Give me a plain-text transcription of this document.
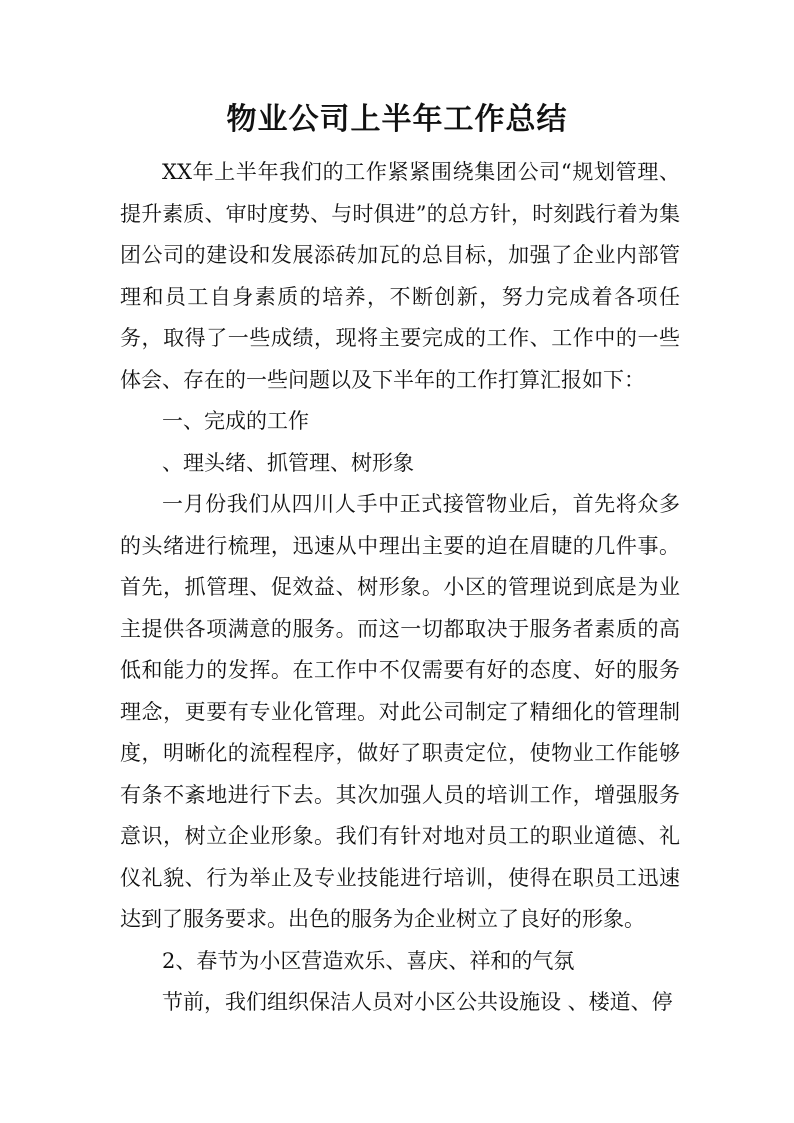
物业公司上半年工作总结

XX年上半年我们的工作紧紧围绕集团公司“规划管理、提升素质、审时度势、与时俱进”的总方针，时刻践行着为集团公司的建设和发展添砖加瓦的总目标，加强了企业内部管理和员工自身素质的培养，不断创新，努力完成着各项任务，取得了一些成绩，现将主要完成的工作、工作中的一些体会、存在的一些问题以及下半年的工作打算汇报如下：

一、完成的工作

、理头绪、抓管理、树形象

一月份我们从四川人手中正式接管物业后，首先将众多的头绪进行梳理，迅速从中理出主要的迫在眉睫的几件事。首先，抓管理、促效益、树形象。小区的管理说到底是为业主提供各项满意的服务。而这一切都取决于服务者素质的高低和能力的发挥。在工作中不仅需要有好的态度、好的服务理念，更要有专业化管理。对此公司制定了精细化的管理制度，明晰化的流程程序，做好了职责定位，使物业工作能够有条不紊地进行下去。其次加强人员的培训工作，增强服务意识，树立企业形象。我们有针对地对员工的职业道德、礼仪礼貌、行为举止及专业技能进行培训，使得在职员工迅速达到了服务要求。出色的服务为企业树立了良好的形象。

2、春节为小区营造欢乐、喜庆、祥和的气氛

节前，我们组织保洁人员对小区公共设施设 、楼道、停
